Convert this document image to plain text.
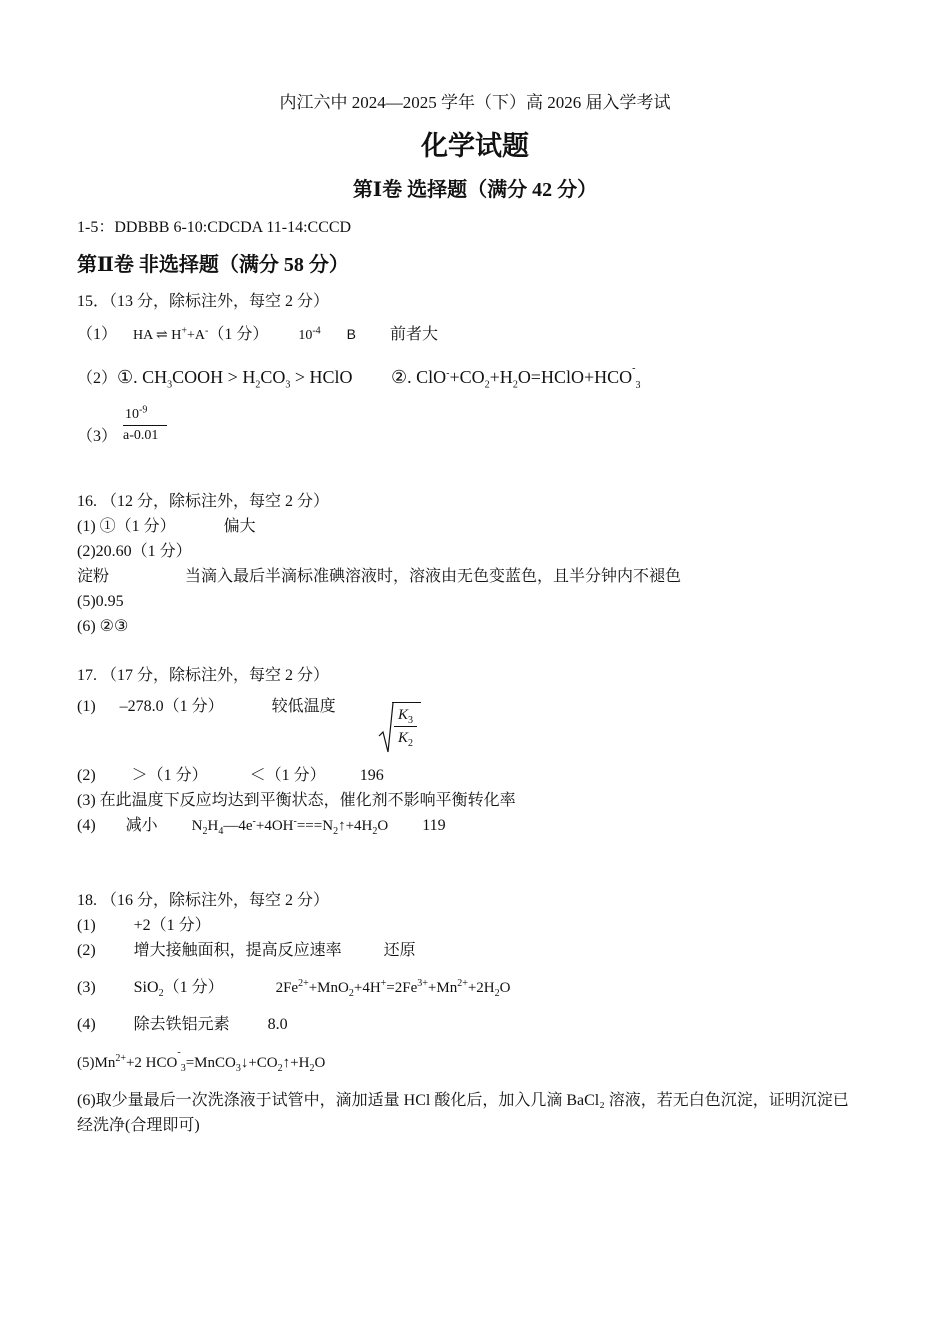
内江六中 2024—2025 学年（下）高 2026 届入学考试
化学试题
第Ⅰ卷 选择题（满分 42 分）
1-5：DDBBB 6-10:CDCDA 11-14:CCCD
第Ⅱ卷 非选择题（满分 58 分）
15．（13 分，除标注外，每空 2 分）
（1） HA ⇌ H++A-（1 分） $10^{-4}$ B 前者大
（2）①. $CH_3COOH > H_2CO_3$ > HClO ②. $ClO^-+CO_2+H_2O=HClO+HCO_{^-3}$
$(3) \frac{10^{-9}}{a-0.01}$
16. （12 分，除标注外，每空 2 分）
(1) ①（1 分）	偏大
(2)20.60（1 分）
淀粉	当滴入最后半滴标准碘溶液时，溶液由无色变蓝色，且半分钟内不褪色
(5)0.95
(6) ②③
17. （17 分，除标注外，每空 2 分）
(1) –278.0（1 分）	较低温度	$\frac{K_3}{K_2}$
(2) ＞（1 分）	＜（1 分） 196
(3) 在此温度下反应均达到平衡状态，催化剂不影响平衡转化率
(4) 减小 $N_2H_4—4e^-+4OH^-===N_2↑+4H_2O$ 119
18. （16 分，除标注外，每空 2 分）
(1) +2（1 分）
(2) 增大接触面积，提高反应速率	还原
(3) SiO$_2$（1 分）	$2Fe^{2+}+MnO_2+4H^+=2Fe^{3+}+Mn^{2+}+2H_2O$
(4) 除去铁铝元素 8.0
$(5)Mn^{2+}+2$ $HCO_{^-3}=MnCO_3↓+CO_2↑+H_2O$
(6)取少量最后一次洗涤液于试管中，滴加适量 HCl 酸化后，加入几滴 BaCl₂ 溶液，若无白色沉淀，证明沉淀已
经洗净(合理即可)
